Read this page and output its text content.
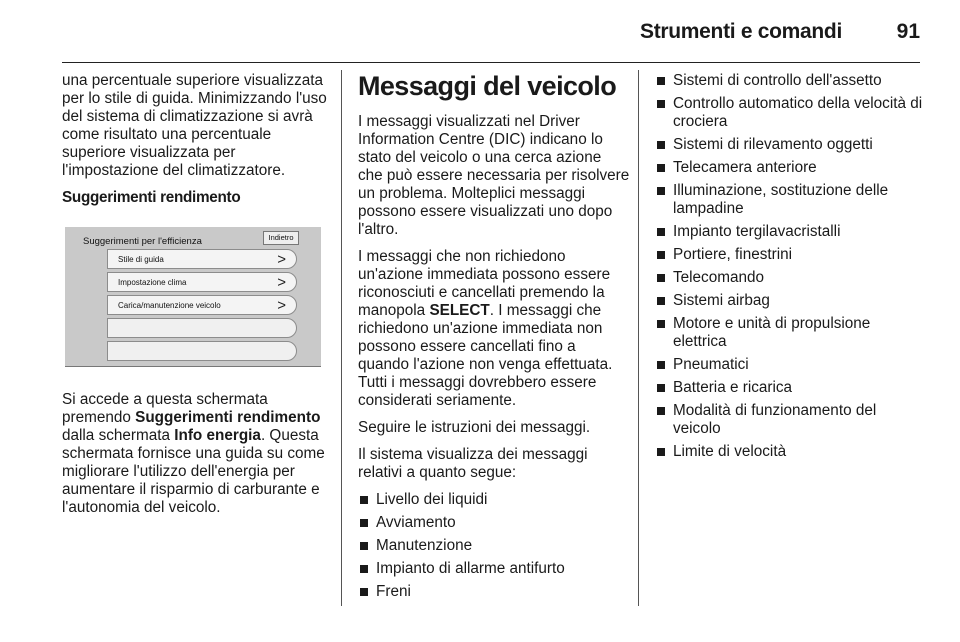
Strumenti e comandi	91

una percentuale superiore visualizzata per lo stile di guida. Minimizzando l'uso del sistema di climatizzazione si avrà come risultato una percentuale superiore visualizzata per l'impostazione del climatizzatore.

Suggerimenti rendimento

Suggerimenti per l'efficienza	Indietro
Stile di guida	>
Impostazione clima	>
Carica/manutenzione veicolo	>

Si accede a questa schermata premendo Suggerimenti rendimento dalla schermata Info energia. Questa schermata fornisce una guida su come migliorare l'utilizzo dell'energia per aumentare il risparmio di carburante e l'autonomia del veicolo.

Messaggi del veicolo

I messaggi visualizzati nel Driver Information Centre (DIC) indicano lo stato del veicolo o una cerca azione che può essere necessaria per risolvere un problema. Molteplici messaggi possono essere visualizzati uno dopo l'altro.

I messaggi che non richiedono un'azione immediata possono essere riconosciuti e cancellati premendo la manopola SELECT. I messaggi che richiedono un'azione immediata non possono essere cancellati fino a quando l'azione non venga effettuata. Tutti i messaggi dovrebbero essere considerati seriamente.

Seguire le istruzioni dei messaggi.

Il sistema visualizza dei messaggi relativi a quanto segue:

Livello dei liquidi
Avviamento
Manutenzione
Impianto di allarme antifurto
Freni
Sistemi di controllo dell'assetto
Controllo automatico della velocità di crociera
Sistemi di rilevamento oggetti
Telecamera anteriore
Illuminazione, sostituzione delle lampadine
Impianto tergilavacristalli
Portiere, finestrini
Telecomando
Sistemi airbag
Motore e unità di propulsione elettrica
Pneumatici
Batteria e ricarica
Modalità di funzionamento del veicolo
Limite di velocità
